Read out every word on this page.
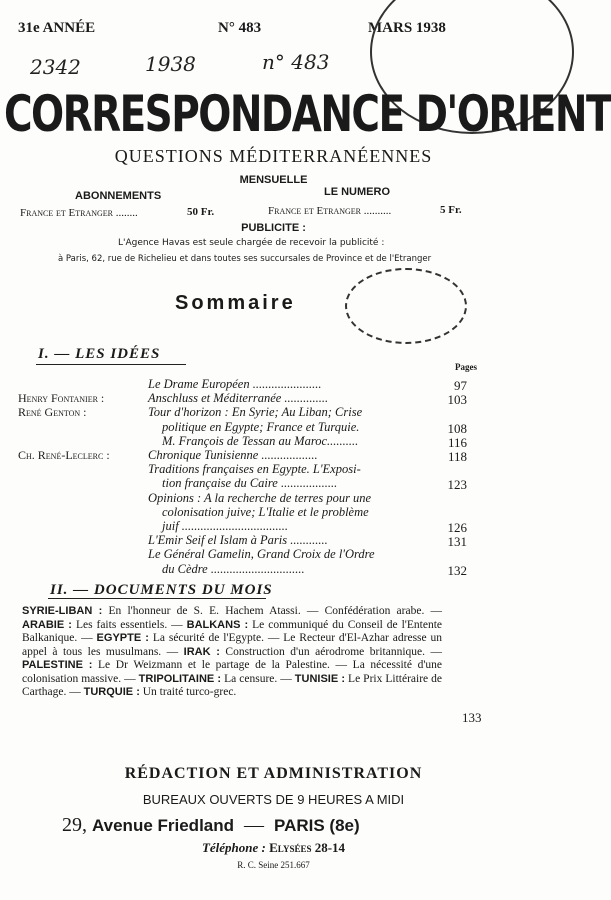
31e ANNÉE	N° 483	MARS 1938
2342	1938	n° 483
CORRESPONDANCE D'ORIENT
QUESTIONS MÉDITERRANÉENNES
MENSUELLE
ABONNEMENTS	LE NUMERO
France et Etranger ........	50 Fr.	France et Etranger ..........	5 Fr.
PUBLICITE :
L'Agence Havas est seule chargée de recevoir la publicité :
à Paris, 62, rue de Richelieu et dans toutes ses succursales de Province et de l'Etranger
Sommaire
I. — LES IDÉES
Pages
Le Drame Européen ......................	97
Henry Fontanier :	Anschluss et Méditerranée ..............	103
René Genton :	Tour d'horizon : En Syrie; Au Liban; Crise
politique en Egypte; France et Turquie.	108
M. François de Tessan au Maroc..........	116
Ch. René-Leclerc :	Chronique Tunisienne ..................	118
Traditions françaises en Egypte. L'Exposi-
tion française du Caire ..................	123
Opinions : A la recherche de terres pour une
colonisation juive; L'Italie et le problème
juif ..................................	126
L'Emir Seif el Islam à Paris ............	131
Le Général Gamelin, Grand Croix de l'Ordre
du Cèdre ..............................	132
II. — DOCUMENTS DU MOIS
SYRIE-LIBAN : En l'honneur de S. E. Hachem Atassi. — Confédération arabe. — ARABIE : Les faits essentiels. — BALKANS : Le communiqué du Conseil de l'Entente Balkanique. — EGYPTE : La sécurité de l'Egypte. — Le Recteur d'El-Azhar adresse un appel à tous les musulmans. — IRAK : Construction d'un aérodrome britannique. — PALESTINE : Le Dr Weizmann et le partage de la Palestine. — La nécessité d'une colonisation massive. — TRIPOLITAINE : La censure. — TUNISIE : Le Prix Littéraire de Carthage. — TURQUIE : Un traité turco-grec.
133
RÉDACTION ET ADMINISTRATION
BUREAUX OUVERTS DE 9 HEURES A MIDI
29, Avenue Friedland — PARIS (8e)
Téléphone : Elysées 28-14
R. C. Seine 251.667
